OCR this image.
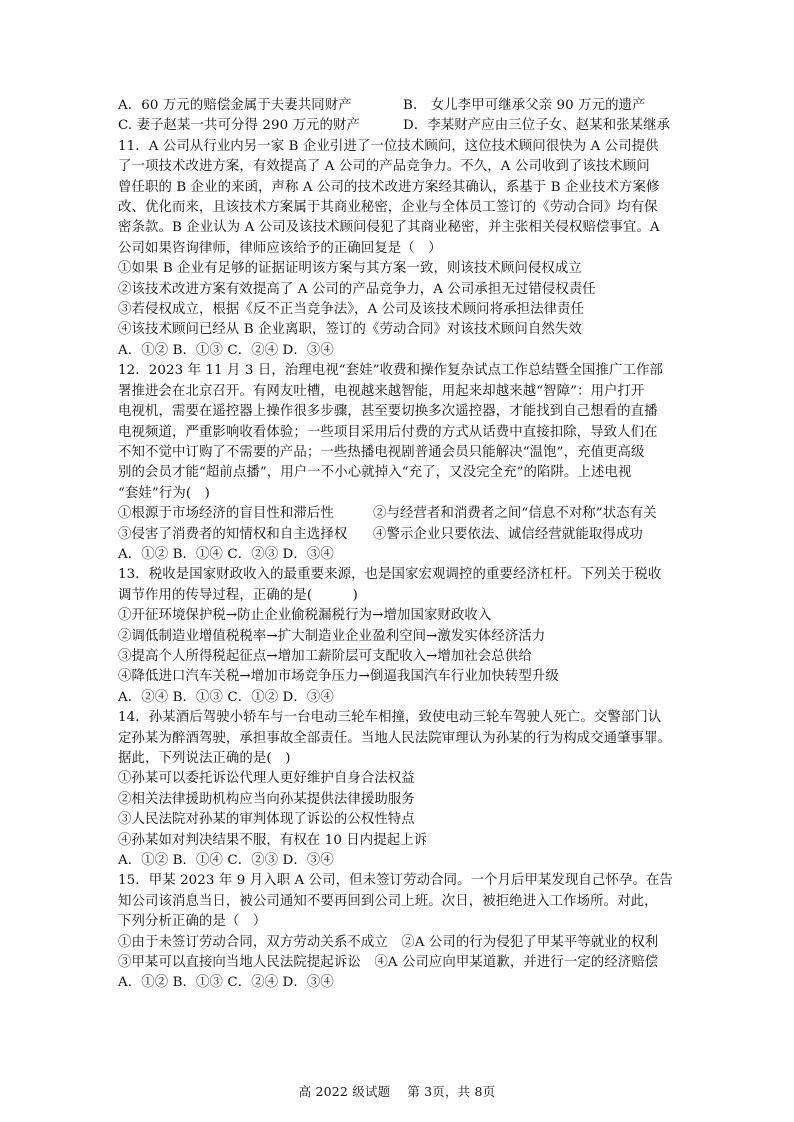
A．60 万元的赔偿金属于夫妻共同财产	B． 女儿李甲可继承父亲 90 万元的遗产
C. 妻子赵某一共可分得 290 万元的财产	D．李某财产应由三位子女、赵某和张某继承
11．A 公司从行业内另一家 B 企业引进了一位技术顾问，这位技术顾问很快为 A 公司提供
了一项技术改进方案，有效提高了 A 公司的产品竞争力。不久，A 公司收到了该技术顾问
曾任职的 B 企业的来函，声称 A 公司的技术改进方案经其确认，系基于 B 企业技术方案修
改、优化而来，且该技术方案属于其商业秘密，企业与全体员工签订的《劳动合同》均有保
密条款。B 企业认为 A 公司及该技术顾问侵犯了其商业秘密，并主张相关侵权赔偿事宜。A
公司如果咨询律师，律师应该给予的正确回复是（　）
①如果 B 企业有足够的证据证明该方案与其方案一致，则该技术顾问侵权成立
②该技术改进方案有效提高了 A 公司的产品竞争力，A 公司承担无过错侵权责任
③若侵权成立，根据《反不正当竞争法》，A 公司及该技术顾问将承担法律责任
④该技术顾问已经从 B 企业离职，签订的《劳动合同》对该技术顾问自然失效
A．①② B．①③ C．②④ D．③④
12．2023 年 11 月 3 日，治理电视“套娃”收费和操作复杂试点工作总结暨全国推广工作部
署推进会在北京召开。有网友吐槽，电视越来越智能，用起来却越来越“智障”：用户打开
电视机，需要在遥控器上操作很多步骤，甚至要切换多次遥控器，才能找到自己想看的直播
电视频道，严重影响收看体验；一些项目采用后付费的方式从话费中直接扣除，导致人们在
不知不觉中订购了不需要的产品；一些热播电视剧普通会员只能解决“温饱”，充值更高级
别的会员才能“超前点播”，用户一不小心就掉入“充了，又没完全充”的陷阱。上述电视
“套娃”行为(　)
①根源于市场经济的盲目性和滞后性	②与经营者和消费者之间“信息不对称”状态有关
③侵害了消费者的知情权和自主选择权	④警示企业只要依法、诚信经营就能取得成功
A．①② B．①④ C．②③ D．③④
13．税收是国家财政收入的最重要来源，也是国家宏观调控的重要经济杠杆。下列关于税收
调节作用的传导过程，正确的是(　　　)
①开征环境保护税→防止企业偷税漏税行为→增加国家财政收入
②调低制造业增值税税率→扩大制造业企业盈利空间→激发实体经济活力
③提高个人所得税起征点→增加工薪阶层可支配收入→增加社会总供给
④降低进口汽车关税→增加市场竞争压力→倒逼我国汽车行业加快转型升级
A．②④ B．①③ C．①② D．③④
14．孙某酒后驾驶小轿车与一台电动三轮车相撞，致使电动三轮车驾驶人死亡。交警部门认
定孙某为醉酒驾驶，承担事故全部责任。当地人民法院审理认为孙某的行为构成交通肇事罪。
据此，下列说法正确的是(　)
①孙某可以委托诉讼代理人更好维护自身合法权益
②相关法律援助机构应当向孙某提供法律援助服务
③人民法院对孙某的审判体现了诉讼的公权性特点
④孙某如对判决结果不服，有权在 10 日内提起上诉
A．①② B．①④ C．②③ D．③④
15．甲某 2023 年 9 月入职 A 公司，但未签订劳动合同。一个月后甲某发现自己怀孕。在告
知公司该消息当日，被公司通知不要再回到公司上班。次日，被拒绝进入工作场所。对此，
下列分析正确的是（　）
①由于未签订劳动合同，双方劳动关系不成立　②A 公司的行为侵犯了甲某平等就业的权利
③甲某可以直接向当地人民法院提起诉讼　④A 公司应向甲某道歉，并进行一定的经济赔偿
A．①② B．①③ C．②④ D．③④
高 2022 级试题　 第 3页，共 8页
